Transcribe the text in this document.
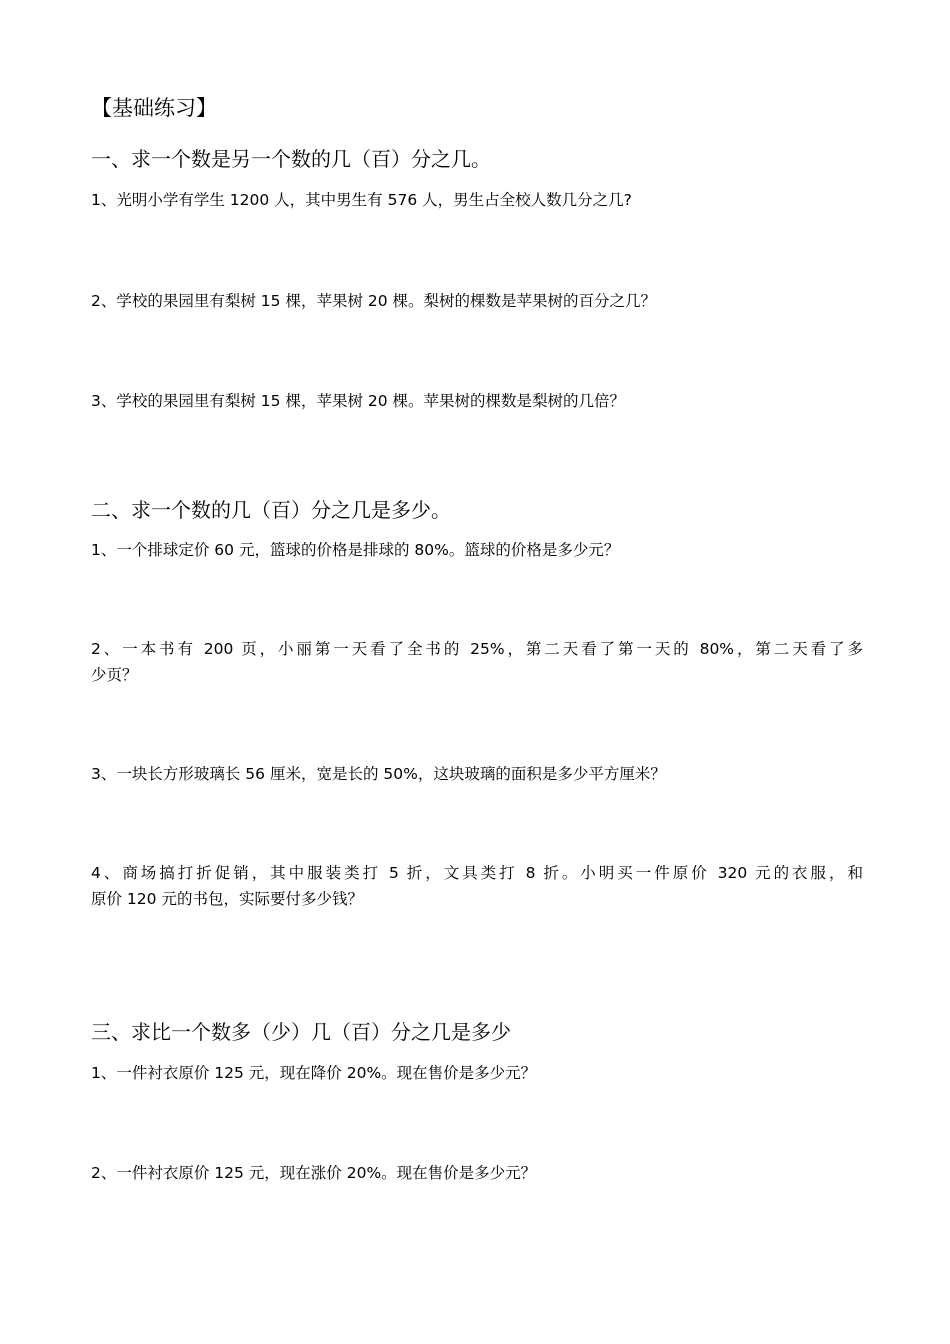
【基础练习】
一、求一个数是另一个数的几（百）分之几。
1、光明小学有学生 1200 人，其中男生有 576 人，男生占全校人数几分之几?
2、学校的果园里有梨树 15 棵，苹果树 20 棵。梨树的棵数是苹果树的百分之几？
3、学校的果园里有梨树 15 棵，苹果树 20 棵。苹果树的棵数是梨树的几倍？
二、求一个数的几（百）分之几是多少。
1、一个排球定价 60 元，篮球的价格是排球的 80%。篮球的价格是多少元？
2、一本书有 200 页，小丽第一天看了全书的 25%，第二天看了第一天的 80%，第二天看了多
少页？
3、一块长方形玻璃长 56 厘米，宽是长的 50%，这块玻璃的面积是多少平方厘米？
4、商场搞打折促销，其中服装类打 5 折，文具类打 8 折。小明买一件原价 320 元的衣服，和
原价 120 元的书包，实际要付多少钱？
三、求比一个数多（少）几（百）分之几是多少
1、一件衬衣原价 125 元，现在降价 20%。现在售价是多少元？
2、一件衬衣原价 125 元，现在涨价 20%。现在售价是多少元？
